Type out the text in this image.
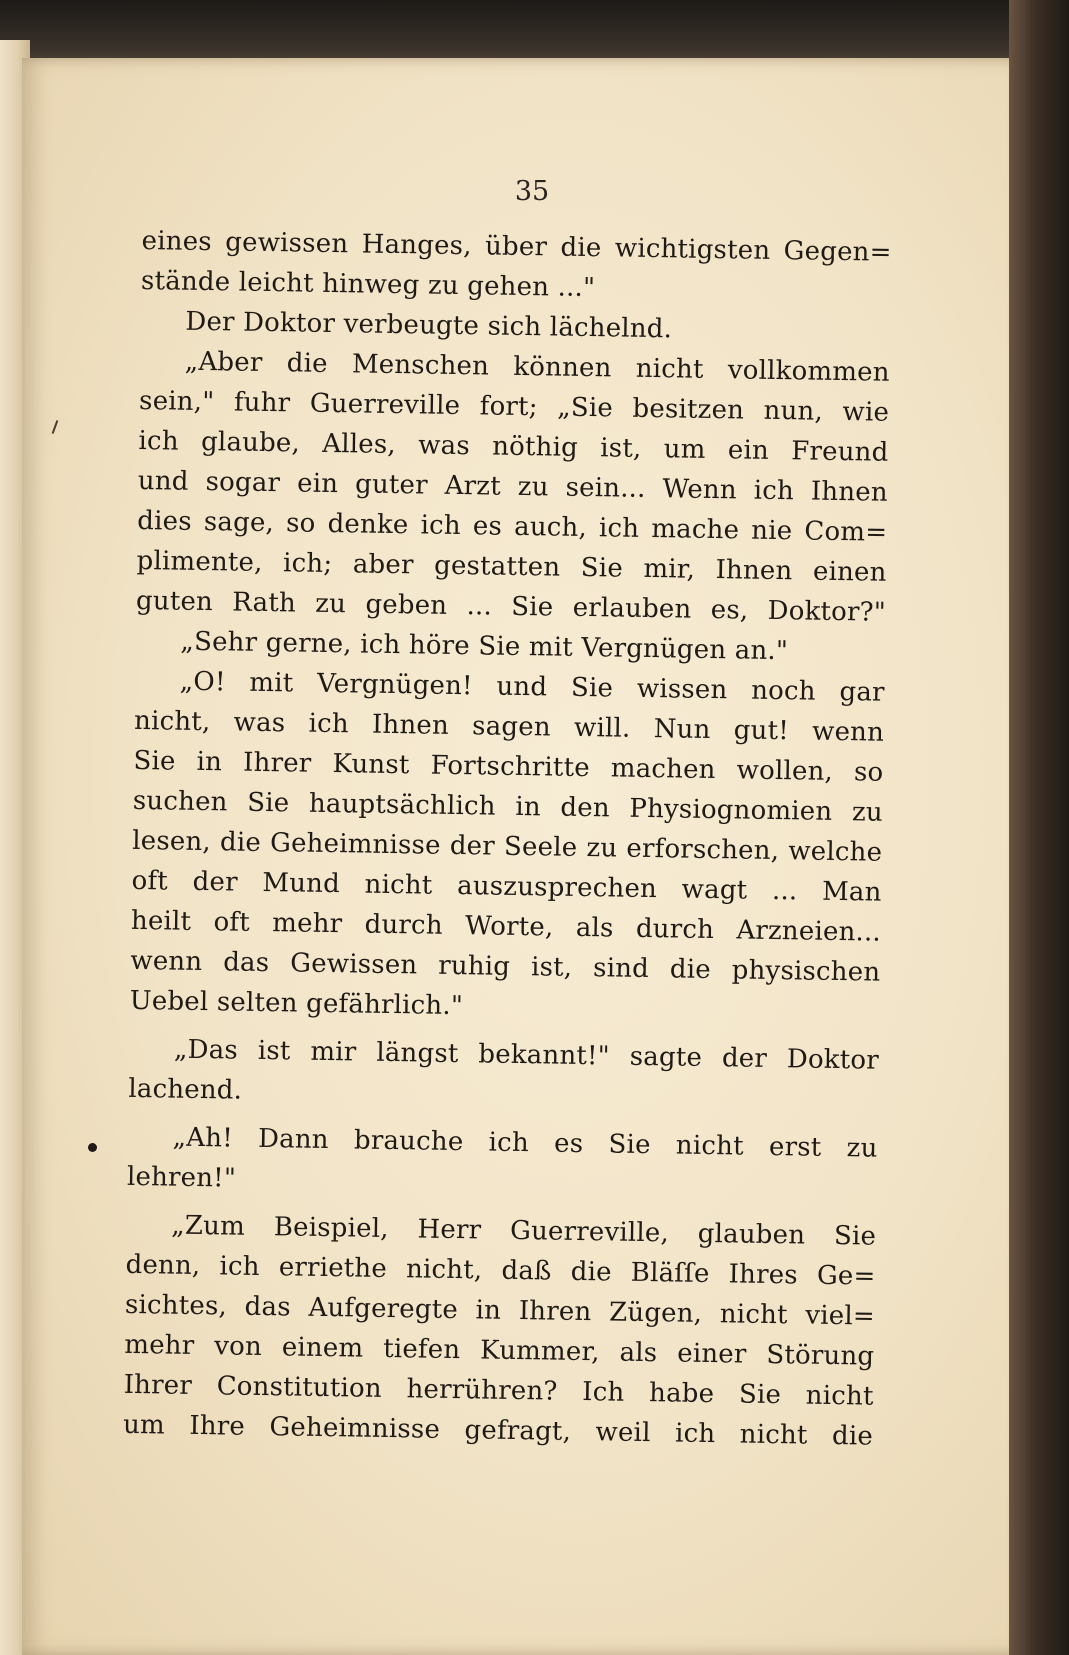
35
eines gewissen Hanges, über die wichtigsten Gegen=
stände leicht hinweg zu gehen ..."
Der Doktor verbeugte sich lächelnd.
„Aber die Menschen können nicht vollkommen
sein," fuhr Guerreville fort; „Sie besitzen nun, wie
ich glaube, Alles, was nöthig ist, um ein Freund
und sogar ein guter Arzt zu sein... Wenn ich Ihnen
dies sage, so denke ich es auch, ich mache nie Com=
plimente, ich; aber gestatten Sie mir, Ihnen einen
guten Rath zu geben ... Sie erlauben es, Doktor?"
„Sehr gerne, ich höre Sie mit Vergnügen an."
„O! mit Vergnügen! und Sie wissen noch gar
nicht, was ich Ihnen sagen will. Nun gut! wenn
Sie in Ihrer Kunst Fortschritte machen wollen, so
suchen Sie hauptsächlich in den Physiognomien zu
lesen, die Geheimnisse der Seele zu erforschen, welche
oft der Mund nicht auszusprechen wagt ... Man
heilt oft mehr durch Worte, als durch Arzneien...
wenn das Gewissen ruhig ist, sind die physischen
Uebel selten gefährlich."
„Das ist mir längst bekannt!" sagte der Doktor
lachend.
„Ah! Dann brauche ich es Sie nicht erst zu
lehren!"
„Zum Beispiel, Herr Guerreville, glauben Sie
denn, ich erriethe nicht, daß die Bläſſe Ihres Ge=
sichtes, das Aufgeregte in Ihren Zügen, nicht viel=
mehr von einem tiefen Kummer, als einer Störung
Ihrer Constitution herrühren? Ich habe Sie nicht
um Ihre Geheimnisse gefragt, weil ich nicht die
